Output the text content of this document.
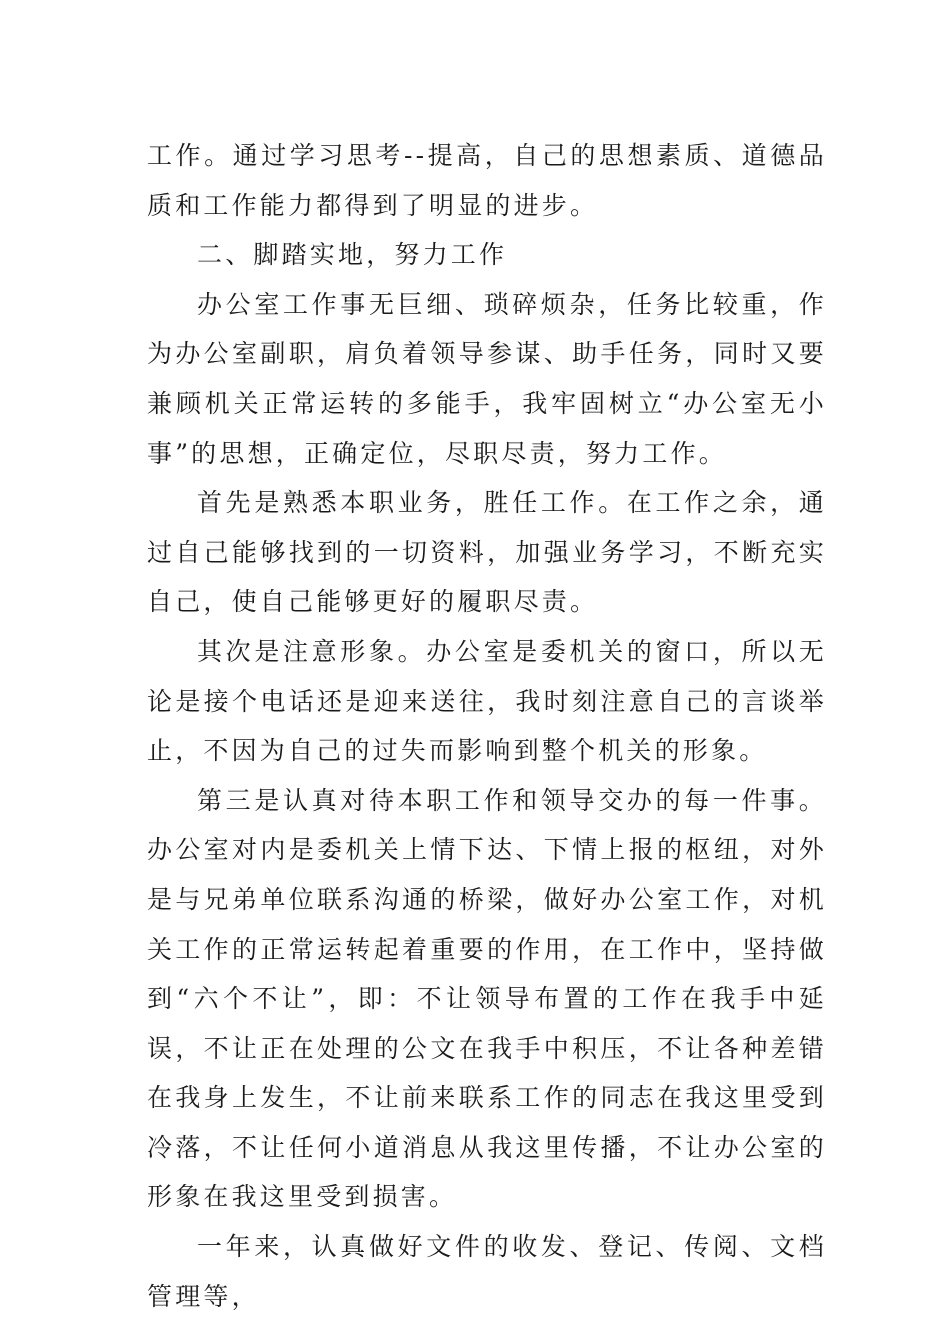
工作。通过学习思考--提高，自己的思想素质、道德品质和工作能力都得到了明显的进步。

二、脚踏实地，努力工作

办公室工作事无巨细、琐碎烦杂，任务比较重，作为办公室副职，肩负着领导参谋、助手任务，同时又要兼顾机关正常运转的多能手，我牢固树立“办公室无小事”的思想，正确定位，尽职尽责，努力工作。

首先是熟悉本职业务，胜任工作。在工作之余，通过自己能够找到的一切资料，加强业务学习，不断充实自己，使自己能够更好的履职尽责。

其次是注意形象。办公室是委机关的窗口，所以无论是接个电话还是迎来送往，我时刻注意自己的言谈举止，不因为自己的过失而影响到整个机关的形象。

第三是认真对待本职工作和领导交办的每一件事。办公室对内是委机关上情下达、下情上报的枢纽，对外是与兄弟单位联系沟通的桥梁，做好办公室工作，对机关工作的正常运转起着重要的作用，在工作中，坚持做到“六个不让”，即：不让领导布置的工作在我手中延误，不让正在处理的公文在我手中积压，不让各种差错在我身上发生，不让前来联系工作的同志在我这里受到冷落，不让任何小道消息从我这里传播，不让办公室的形象在我这里受到损害。

一年来，认真做好文件的收发、登记、传阅、文档管理等，
